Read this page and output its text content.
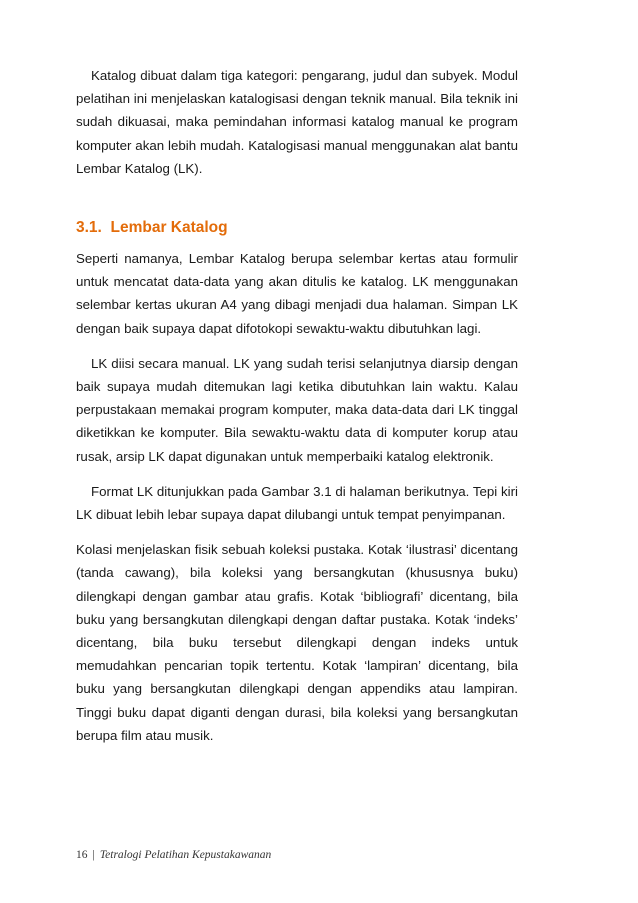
Katalog dibuat dalam tiga kategori: pengarang, judul dan subyek. Modul pelatihan ini menjelaskan katalogisasi dengan teknik manual. Bila teknik ini sudah dikuasai, maka pemindahan informasi katalog manual ke program komputer akan lebih mudah. Katalogisasi manual menggunakan alat bantu Lembar Katalog (LK).

3.1. Lembar Katalog

Seperti namanya, Lembar Katalog berupa selembar kertas atau formulir untuk mencatat data-data yang akan ditulis ke katalog. LK menggunakan selembar kertas ukuran A4 yang dibagi menjadi dua halaman. Simpan LK dengan baik supaya dapat difotokopi sewaktu-waktu dibutuhkan lagi.

LK diisi secara manual. LK yang sudah terisi selanjutnya diarsip dengan baik supaya mudah ditemukan lagi ketika dibutuhkan lain waktu. Kalau perpustakaan memakai program komputer, maka data-data dari LK tinggal diketikkan ke komputer. Bila sewaktu-waktu data di komputer korup atau rusak, arsip LK dapat digunakan untuk memperbaiki katalog elektronik.

Format LK ditunjukkan pada Gambar 3.1 di halaman berikutnya. Tepi kiri LK dibuat lebih lebar supaya dapat dilubangi untuk tempat penyimpanan.

Kolasi menjelaskan fisik sebuah koleksi pustaka. Kotak ‘ilustrasi’ dicentang (tanda cawang), bila koleksi yang bersangkutan (khususnya buku) dilengkapi dengan gambar atau grafis. Kotak ‘bibliografi’ dicentang, bila buku yang bersangkutan dilengkapi dengan daftar pustaka. Kotak ‘indeks’ dicentang, bila buku tersebut dilengkapi dengan indeks untuk memudahkan pencarian topik tertentu. Kotak ‘lampiran’ dicentang, bila buku yang bersangkutan dilengkapi dengan appendiks atau lampiran. Tinggi buku dapat diganti dengan durasi, bila koleksi yang bersangkutan berupa film atau musik.

16 | Tetralogi Pelatihan Kepustakawanan
